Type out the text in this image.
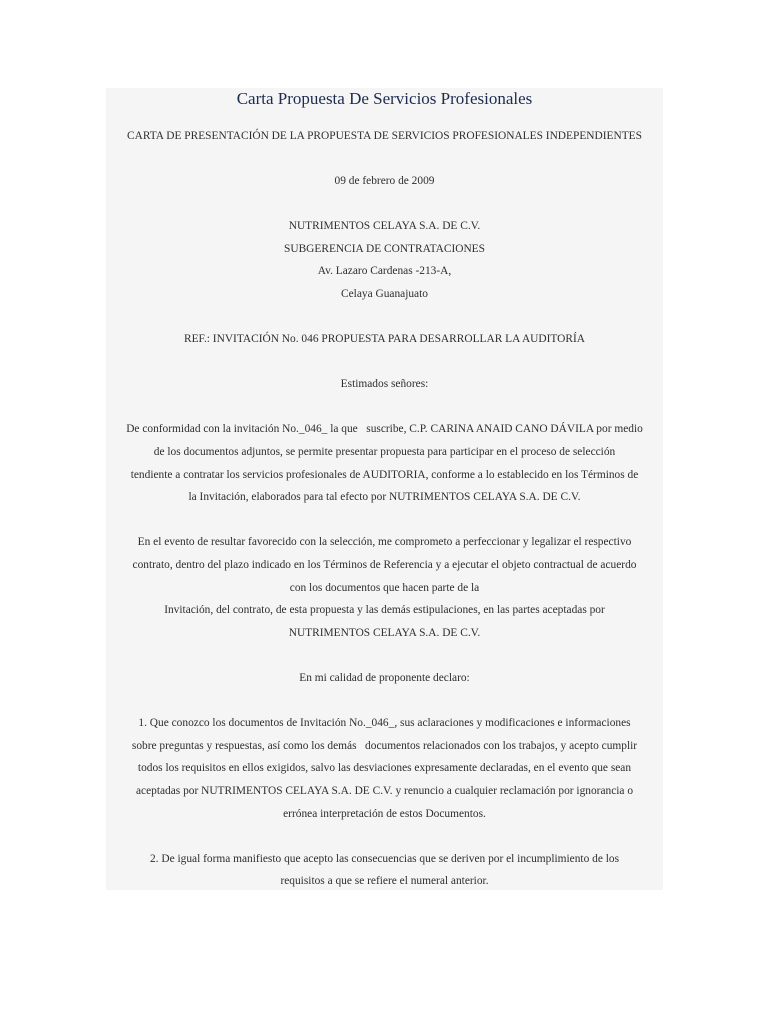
Carta Propuesta De Servicios Profesionales

CARTA DE PRESENTACIÓN DE LA PROPUESTA DE SERVICIOS PROFESIONALES INDEPENDIENTES

09 de febrero de 2009

NUTRIMENTOS CELAYA S.A. DE C.V.
SUBGERENCIA DE CONTRATACIONES
Av. Lazaro Cardenas -213-A,
Celaya Guanajuato

REF.: INVITACIÓN No. 046 PROPUESTA PARA DESARROLLAR LA AUDITORÍA

Estimados señores:

De conformidad con la invitación No._046_ la que   suscribe, C.P. CARINA ANAID CANO DÁVILA por medio
de los documentos adjuntos, se permite presentar propuesta para participar en el proceso de selección
tendiente a contratar los servicios profesionales de AUDITORIA, conforme a lo establecido en los Términos de
la Invitación, elaborados para tal efecto por NUTRIMENTOS CELAYA S.A. DE C.V.

En el evento de resultar favorecido con la selección, me comprometo a perfeccionar y legalizar el respectivo
contrato, dentro del plazo indicado en los Términos de Referencia y a ejecutar el objeto contractual de acuerdo
con los documentos que hacen parte de la
Invitación, del contrato, de esta propuesta y las demás estipulaciones, en las partes aceptadas por
NUTRIMENTOS CELAYA S.A. DE C.V.

En mi calidad de proponente declaro:

1. Que conozco los documentos de Invitación No._046_, sus aclaraciones y modificaciones e informaciones
sobre preguntas y respuestas, así como los demás   documentos relacionados con los trabajos, y acepto cumplir
todos los requisitos en ellos exigidos, salvo las desviaciones expresamente declaradas, en el evento que sean
aceptadas por NUTRIMENTOS CELAYA S.A. DE C.V. y renuncio a cualquier reclamación por ignorancia o
errónea interpretación de estos Documentos.

2. De igual forma manifiesto que acepto las consecuencias que se deriven por el incumplimiento de los
requisitos a que se refiere el numeral anterior.
